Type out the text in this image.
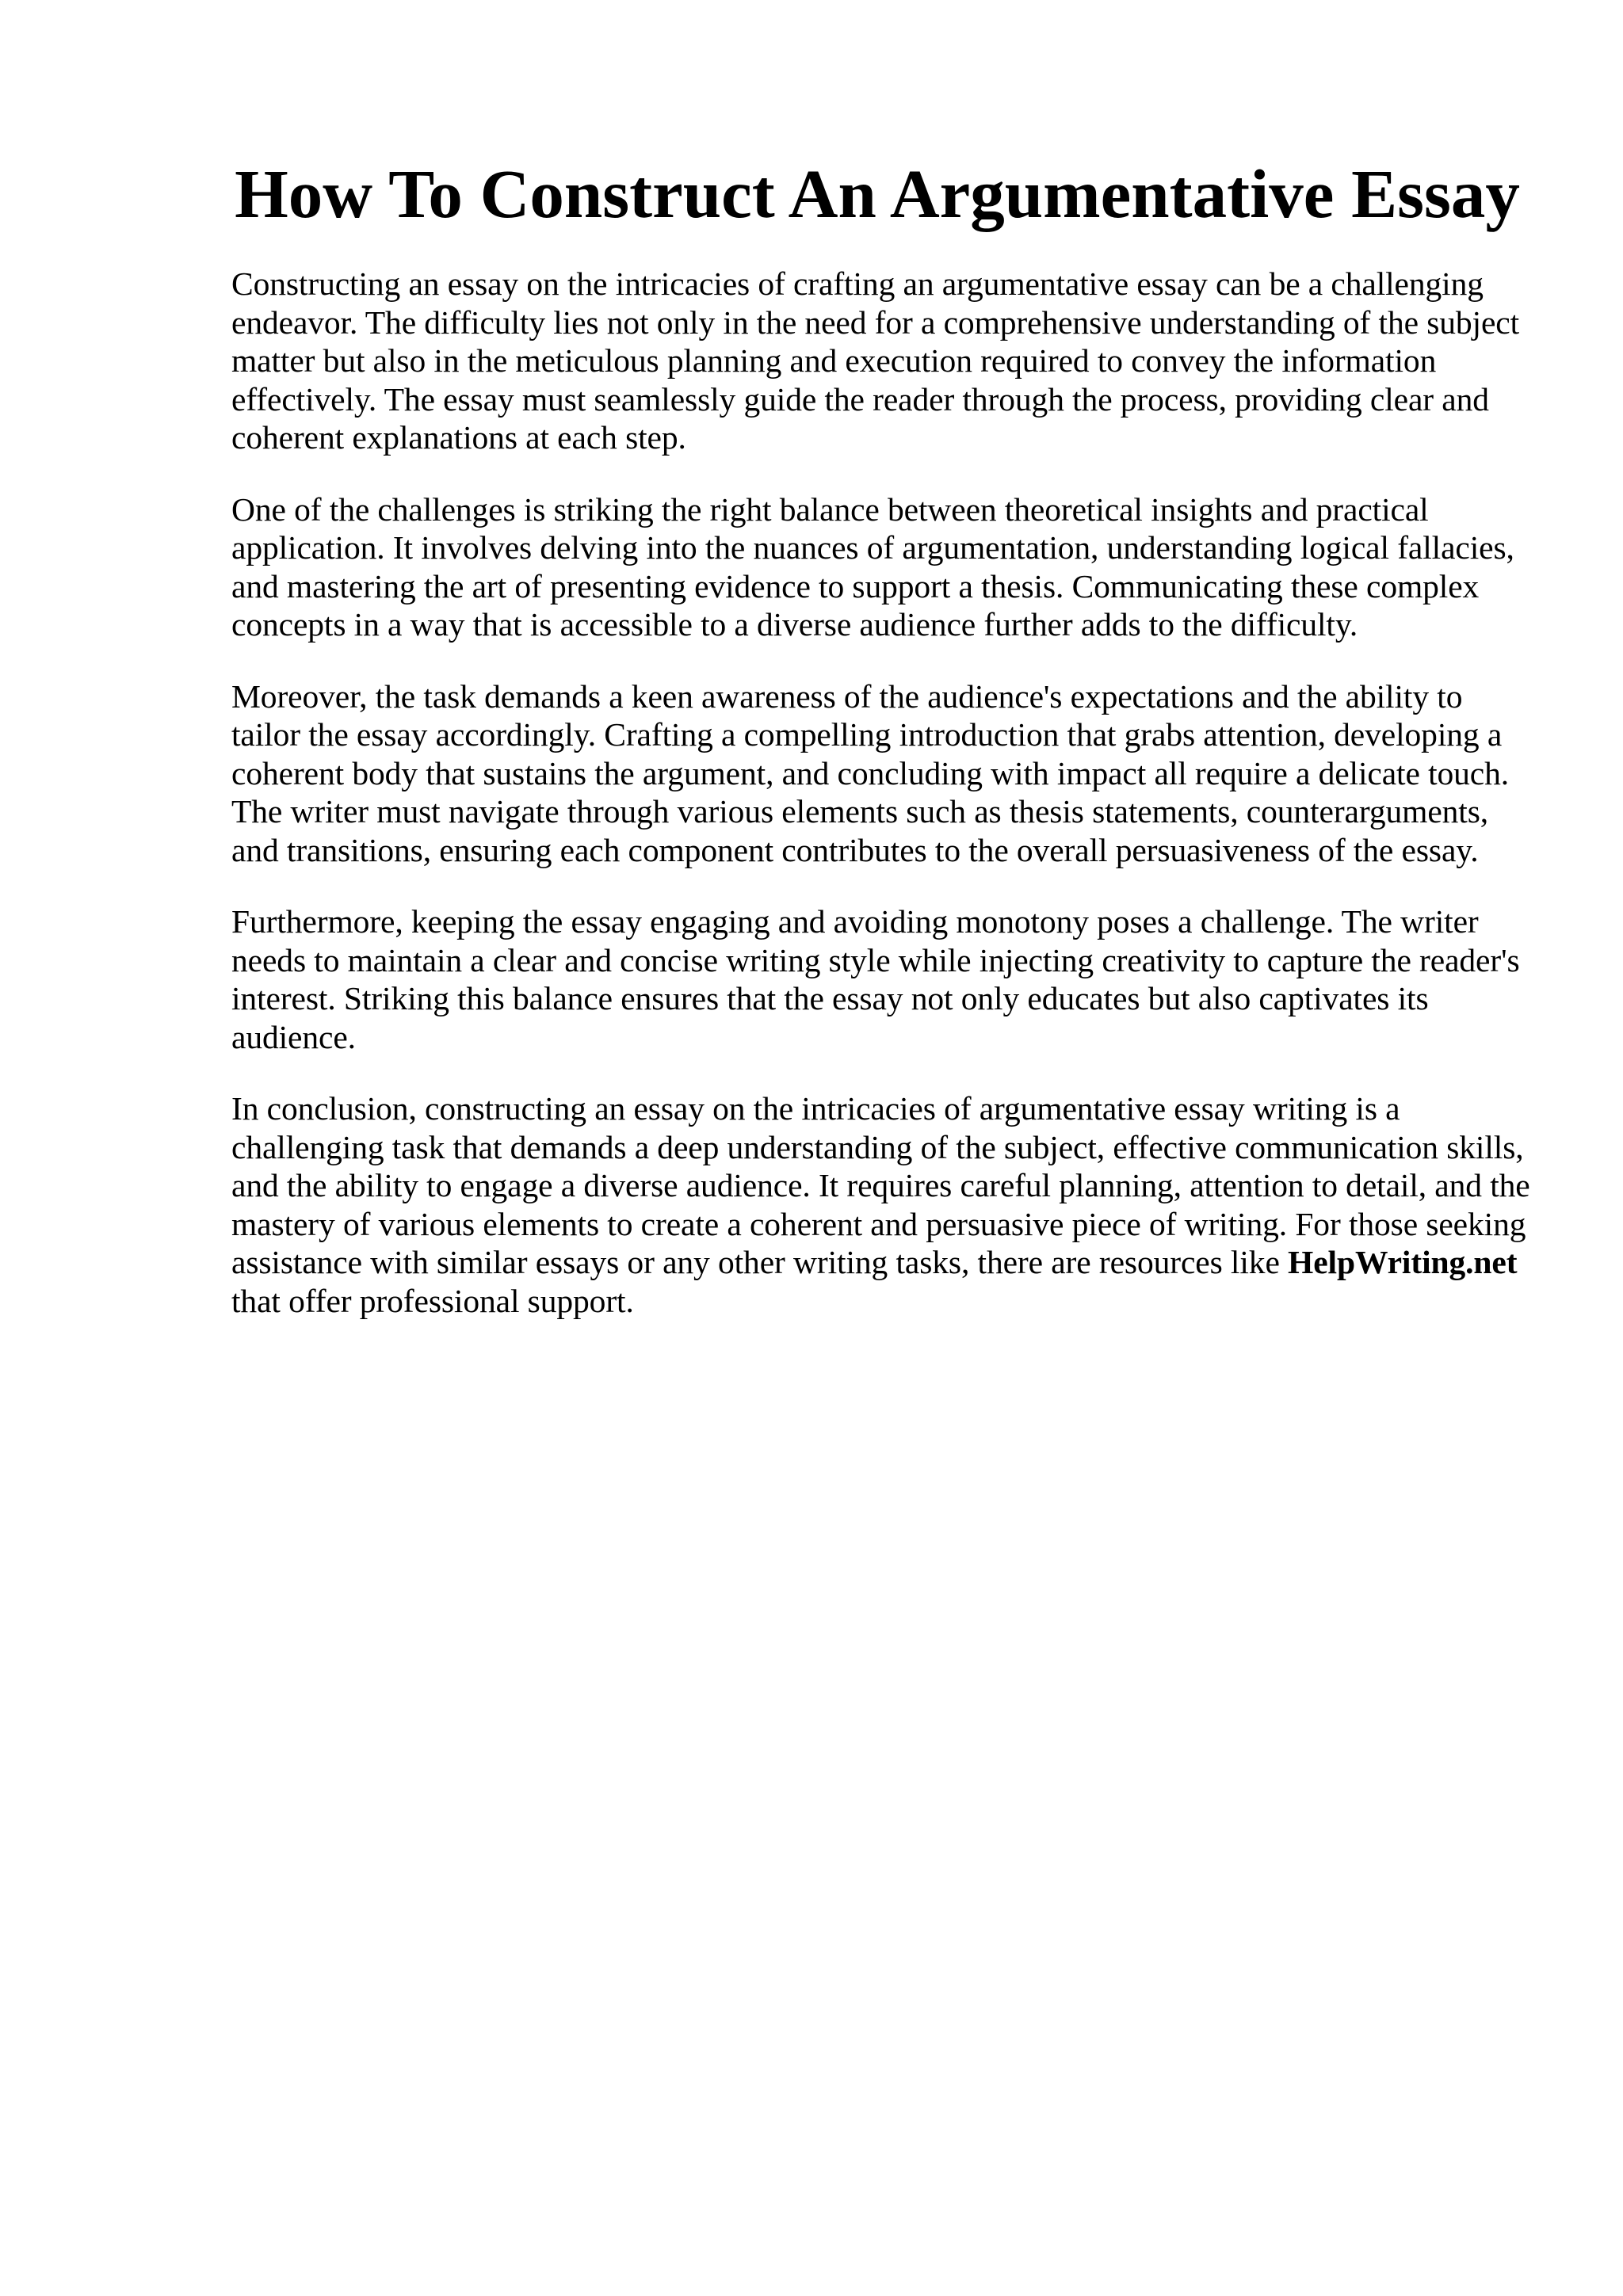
How To Construct An Argumentative Essay

Constructing an essay on the intricacies of crafting an argumentative essay can be a challenging endeavor. The difficulty lies not only in the need for a comprehensive understanding of the subject matter but also in the meticulous planning and execution required to convey the information effectively. The essay must seamlessly guide the reader through the process, providing clear and coherent explanations at each step.

One of the challenges is striking the right balance between theoretical insights and practical application. It involves delving into the nuances of argumentation, understanding logical fallacies, and mastering the art of presenting evidence to support a thesis. Communicating these complex concepts in a way that is accessible to a diverse audience further adds to the difficulty.

Moreover, the task demands a keen awareness of the audience's expectations and the ability to tailor the essay accordingly. Crafting a compelling introduction that grabs attention, developing a coherent body that sustains the argument, and concluding with impact all require a delicate touch. The writer must navigate through various elements such as thesis statements, counterarguments, and transitions, ensuring each component contributes to the overall persuasiveness of the essay.

Furthermore, keeping the essay engaging and avoiding monotony poses a challenge. The writer needs to maintain a clear and concise writing style while injecting creativity to capture the reader's interest. Striking this balance ensures that the essay not only educates but also captivates its audience.

In conclusion, constructing an essay on the intricacies of argumentative essay writing is a challenging task that demands a deep understanding of the subject, effective communication skills, and the ability to engage a diverse audience. It requires careful planning, attention to detail, and the mastery of various elements to create a coherent and persuasive piece of writing. For those seeking assistance with similar essays or any other writing tasks, there are resources like HelpWriting.net that offer professional support.
